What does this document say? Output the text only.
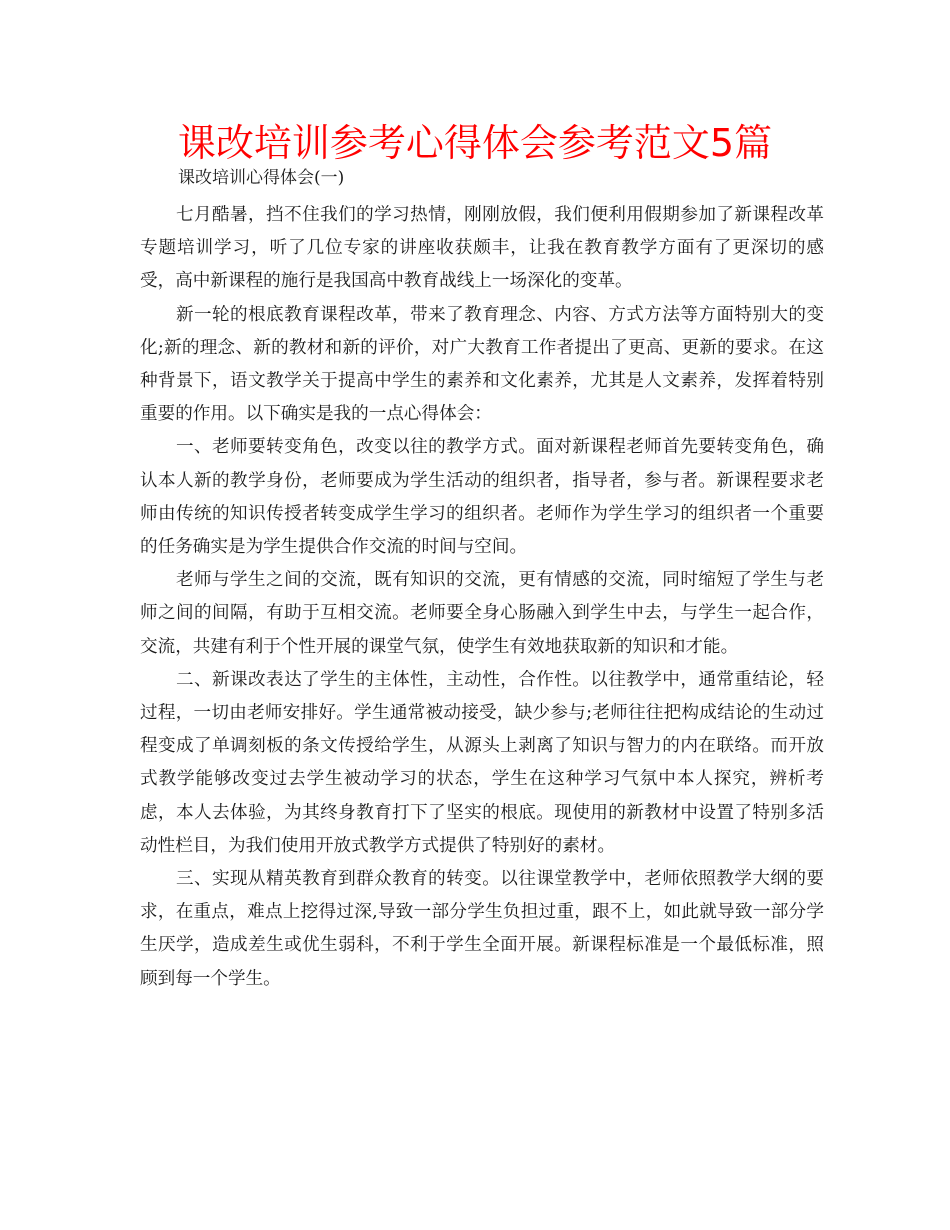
课改培训参考心得体会参考范文5篇

课改培训心得体会(一)

七月酷暑，挡不住我们的学习热情，刚刚放假，我们便利用假期参加了新课程改革专题培训学习，听了几位专家的讲座收获颇丰，让我在教育教学方面有了更深切的感受，高中新课程的施行是我国高中教育战线上一场深化的变革。

新一轮的根底教育课程改革，带来了教育理念、内容、方式方法等方面特别大的变化;新的理念、新的教材和新的评价，对广大教育工作者提出了更高、更新的要求。在这种背景下，语文教学关于提高中学生的素养和文化素养，尤其是人文素养，发挥着特别重要的作用。以下确实是我的一点心得体会：

一、老师要转变角色，改变以往的教学方式。面对新课程老师首先要转变角色，确认本人新的教学身份，老师要成为学生活动的组织者，指导者，参与者。新课程要求老师由传统的知识传授者转变成学生学习的组织者。老师作为学生学习的组织者一个重要的任务确实是为学生提供合作交流的时间与空间。

老师与学生之间的交流，既有知识的交流，更有情感的交流，同时缩短了学生与老师之间的间隔，有助于互相交流。老师要全身心肠融入到学生中去，与学生一起合作，交流，共建有利于个性开展的课堂气氛，使学生有效地获取新的知识和才能。

二、新课改表达了学生的主体性，主动性，合作性。以往教学中，通常重结论，轻过程，一切由老师安排好。学生通常被动接受，缺少参与;老师往往把构成结论的生动过程变成了单调刻板的条文传授给学生，从源头上剥离了知识与智力的内在联络。而开放式教学能够改变过去学生被动学习的状态，学生在这种学习气氛中本人探究，辨析考虑，本人去体验，为其终身教育打下了坚实的根底。现使用的新教材中设置了特别多活动性栏目，为我们使用开放式教学方式提供了特别好的素材。

三、实现从精英教育到群众教育的转变。以往课堂教学中，老师依照教学大纲的要求，在重点，难点上挖得过深,导致一部分学生负担过重，跟不上，如此就导致一部分学生厌学，造成差生或优生弱科，不利于学生全面开展。新课程标准是一个最低标准，照顾到每一个学生。
